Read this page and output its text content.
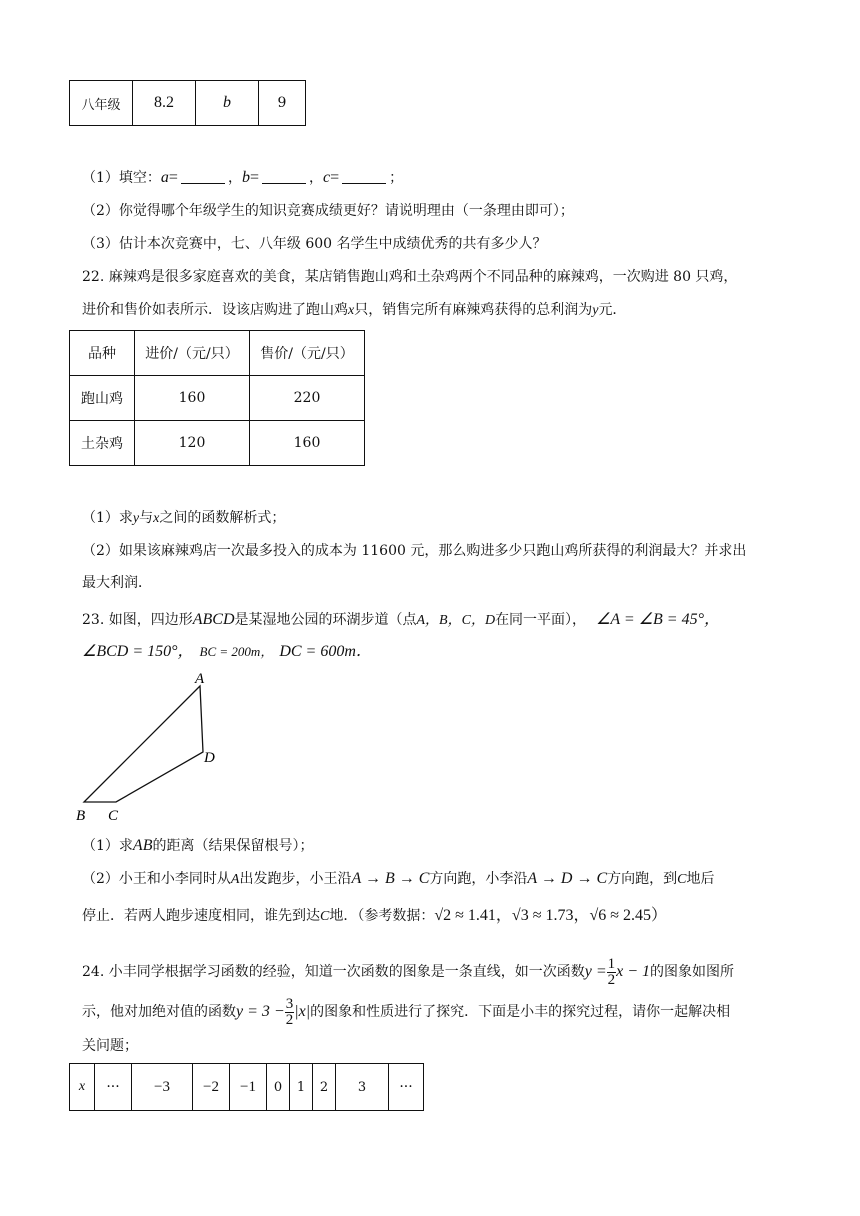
八年级	8.2	b	9
（1）填空：a=	，b=	，c=	；
（2）你觉得哪个年级学生的知识竞赛成绩更好？请说明理由（一条理由即可）；
（3）估计本次竞赛中，七、八年级 600 名学生中成绩优秀的共有多少人？
22. 麻辣鸡是很多家庭喜欢的美食，某店销售跑山鸡和土杂鸡两个不同品种的麻辣鸡，一次购进 80 只鸡，
进价和售价如表所示．设该店购进了跑山鸡x只，销售完所有麻辣鸡获得的总利润为y元．
品种	进价/（元/只）	售价/（元/只）
跑山鸡	160	220
土杂鸡	120	160
（1）求y与x之间的函数解析式；
（2）如果该麻辣鸡店一次最多投入的成本为 11600 元，那么购进多少只跑山鸡所获得的利润最大？并求出
最大利润．
23. 如图，四边形ABCD是某湿地公园的环湖步道（点A，B，C，D在同一平面）， ∠A = ∠B = 45°，
∠BCD = 150°， BC = 200m， DC = 600m．
A
D
B C
（1）求AB的距离（结果保留根号）；
（2）小王和小李同时从A出发跑步，小王沿A → B → C方向跑，小李沿A → D → C方向跑，到C地后
停止．若两人跑步速度相同，谁先到达C地．（参考数据：√2 ≈ 1.41，√3 ≈ 1.73，√6 ≈ 2.45）
24. 小丰同学根据学习函数的经验，知道一次函数的图象是一条直线，如一次函数$y = \frac{1}{2}$ x − 1的图象如图所
示，他对加绝对值的函数$y = 3 - \frac{3}{2} |x|$的图象和性质进行了探究．下面是小丰的探究过程，请你一起解决相
关问题；
x	···	−3	−2	−1	0	1	2	3	···
